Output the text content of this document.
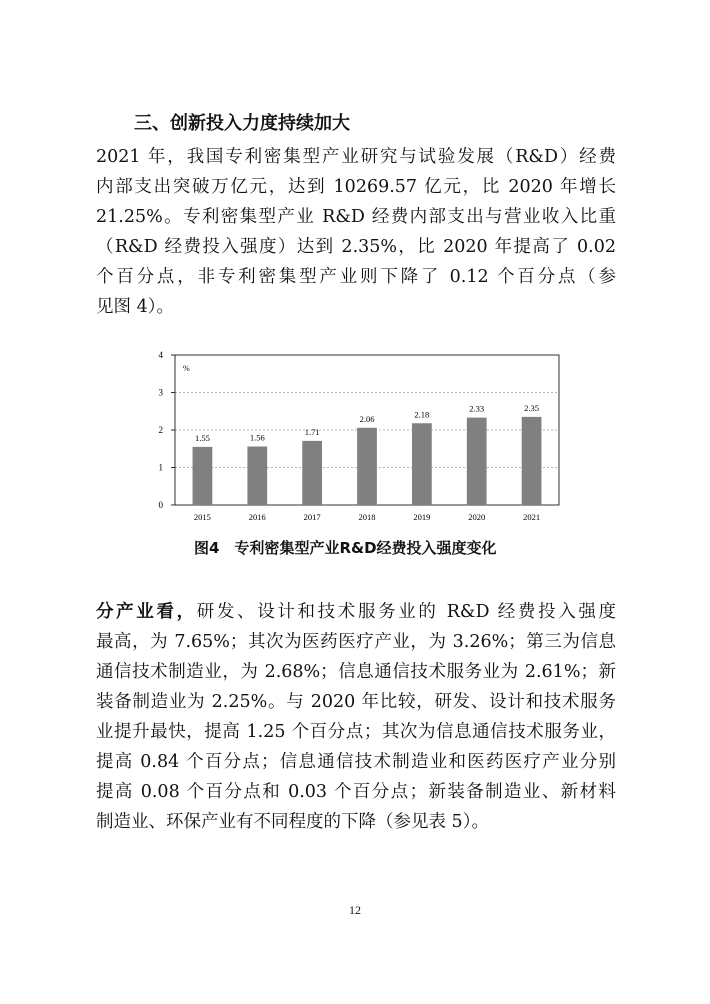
三、创新投入力度持续加大
2021 年，我国专利密集型产业研究与试验发展（R&D）经费
内部支出突破万亿元，达到 10269.57 亿元，比 2020 年增长
21.25%。专利密集型产业 R&D 经费内部支出与营业收入比重
（R&D 经费投入强度）达到 2.35%，比 2020 年提高了 0.02
个百分点，非专利密集型产业则下降了 0.12 个百分点（参
见图 4）。
0
1
2
3
4
%
1.55
2015
1.56
2016
1.71
2017
2.06
2018
2.18
2019
2.33
2020
2.35
2021
图4　专利密集型产业R&D经费投入强度变化
分产业看，研发、设计和技术服务业的 R&D 经费投入强度
最高，为 7.65%；其次为医药医疗产业，为 3.26%；第三为信息
通信技术制造业，为 2.68%；信息通信技术服务业为 2.61%；新
装备制造业为 2.25%。与 2020 年比较，研发、设计和技术服务
业提升最快，提高 1.25 个百分点；其次为信息通信技术服务业，
提高 0.84 个百分点；信息通信技术制造业和医药医疗产业分别
提高 0.08 个百分点和 0.03 个百分点；新装备制造业、新材料
制造业、环保产业有不同程度的下降（参见表 5）。
12
